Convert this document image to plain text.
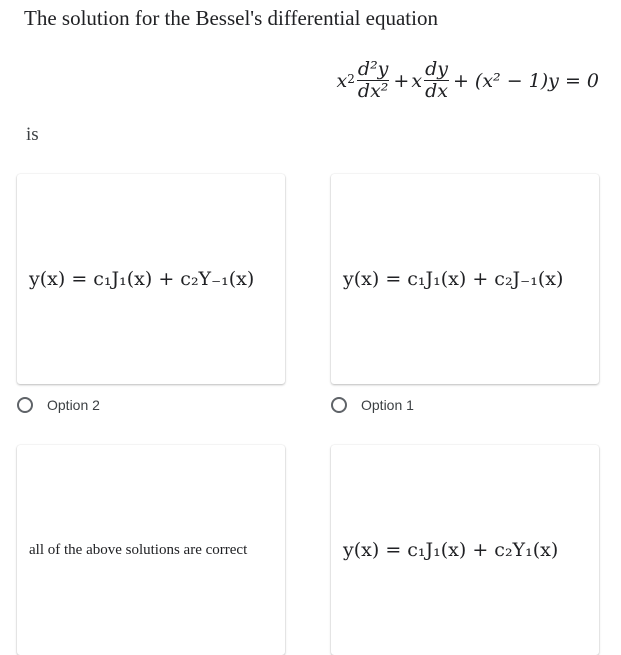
The solution for the Bessel's differential equation
x $2 \frac{\text{d²y}}{\text{dx²}} + x \frac{dy}{dx} + (x^2 - 1)y = 0$
is
y(x) = c₁J₁(x) + c₂Y₋₁(x)
Option 2
y(x) = c₁J₁(x) + c₂J₋₁(x)
Option 1
all of the above solutions are correct	y(x) = c₁J₁(x) + c₂Y₁(x)
